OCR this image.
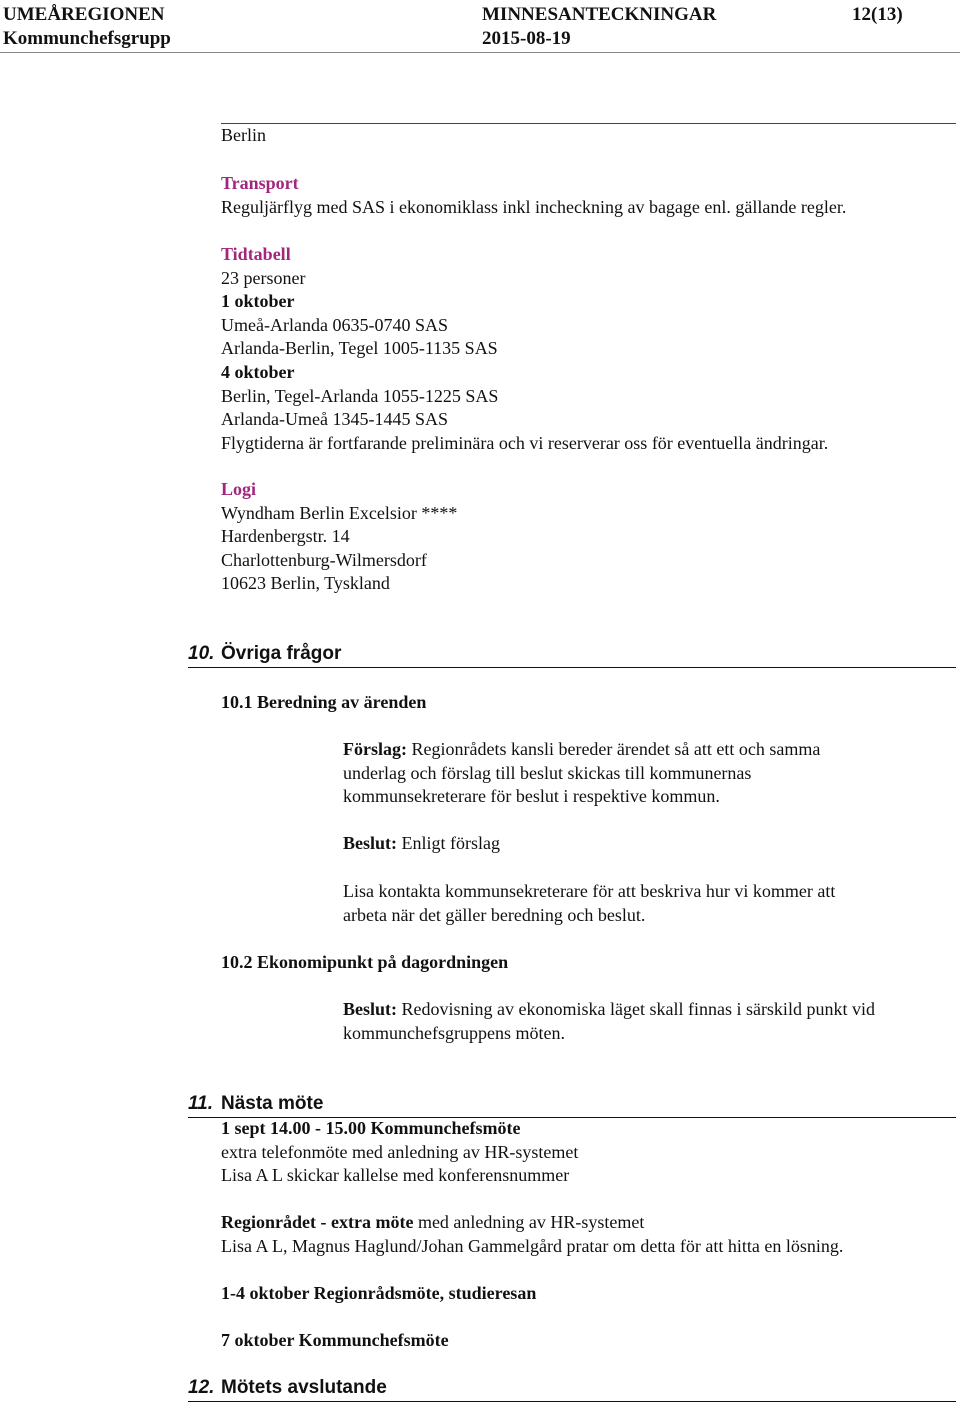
UMEÅREGIONEN	MINNESANTECKNINGAR	12(13)
Kommunchefsgrupp	2015-08-19

Berlin

Transport

Reguljärflyg med SAS i ekonomiklass inkl incheckning av bagage enl. gällande regler.

Tidtabell

23 personer

1 oktober

Umeå-Arlanda 0635-0740 SAS

Arlanda-Berlin, Tegel 1005-1135 SAS

4 oktober

Berlin, Tegel-Arlanda 1055-1225 SAS

Arlanda-Umeå 1345-1445 SAS

Flygtiderna är fortfarande preliminära och vi reserverar oss för eventuella ändringar.

Logi

Wyndham Berlin Excelsior ****

Hardenbergstr. 14

Charlottenburg-Wilmersdorf

10623 Berlin, Tyskland

10. Övriga frågor

10.1 Beredning av ärenden

Förslag: Regionrådets kansli bereder ärendet så att ett och samma

underlag och förslag till beslut skickas till kommunernas

kommunsekreterare för beslut i respektive kommun.

Beslut: Enligt förslag

Lisa kontakta kommunsekreterare för att beskriva hur vi kommer att

arbeta när det gäller beredning och beslut.

10.2 Ekonomipunkt på dagordningen

Beslut: Redovisning av ekonomiska läget skall finnas i särskild punkt vid

kommunchefsgruppens möten.

11. Nästa möte

1 sept 14.00 - 15.00 Kommunchefsmöte

extra telefonmöte med anledning av HR-systemet

Lisa A L skickar kallelse med konferensnummer

Regionrådet - extra möte med anledning av HR-systemet

Lisa A L, Magnus Haglund/Johan Gammelgård pratar om detta för att hitta en lösning.

1-4 oktober Regionrådsmöte, studieresan

7 oktober Kommunchefsmöte

12. Mötets avslutande
